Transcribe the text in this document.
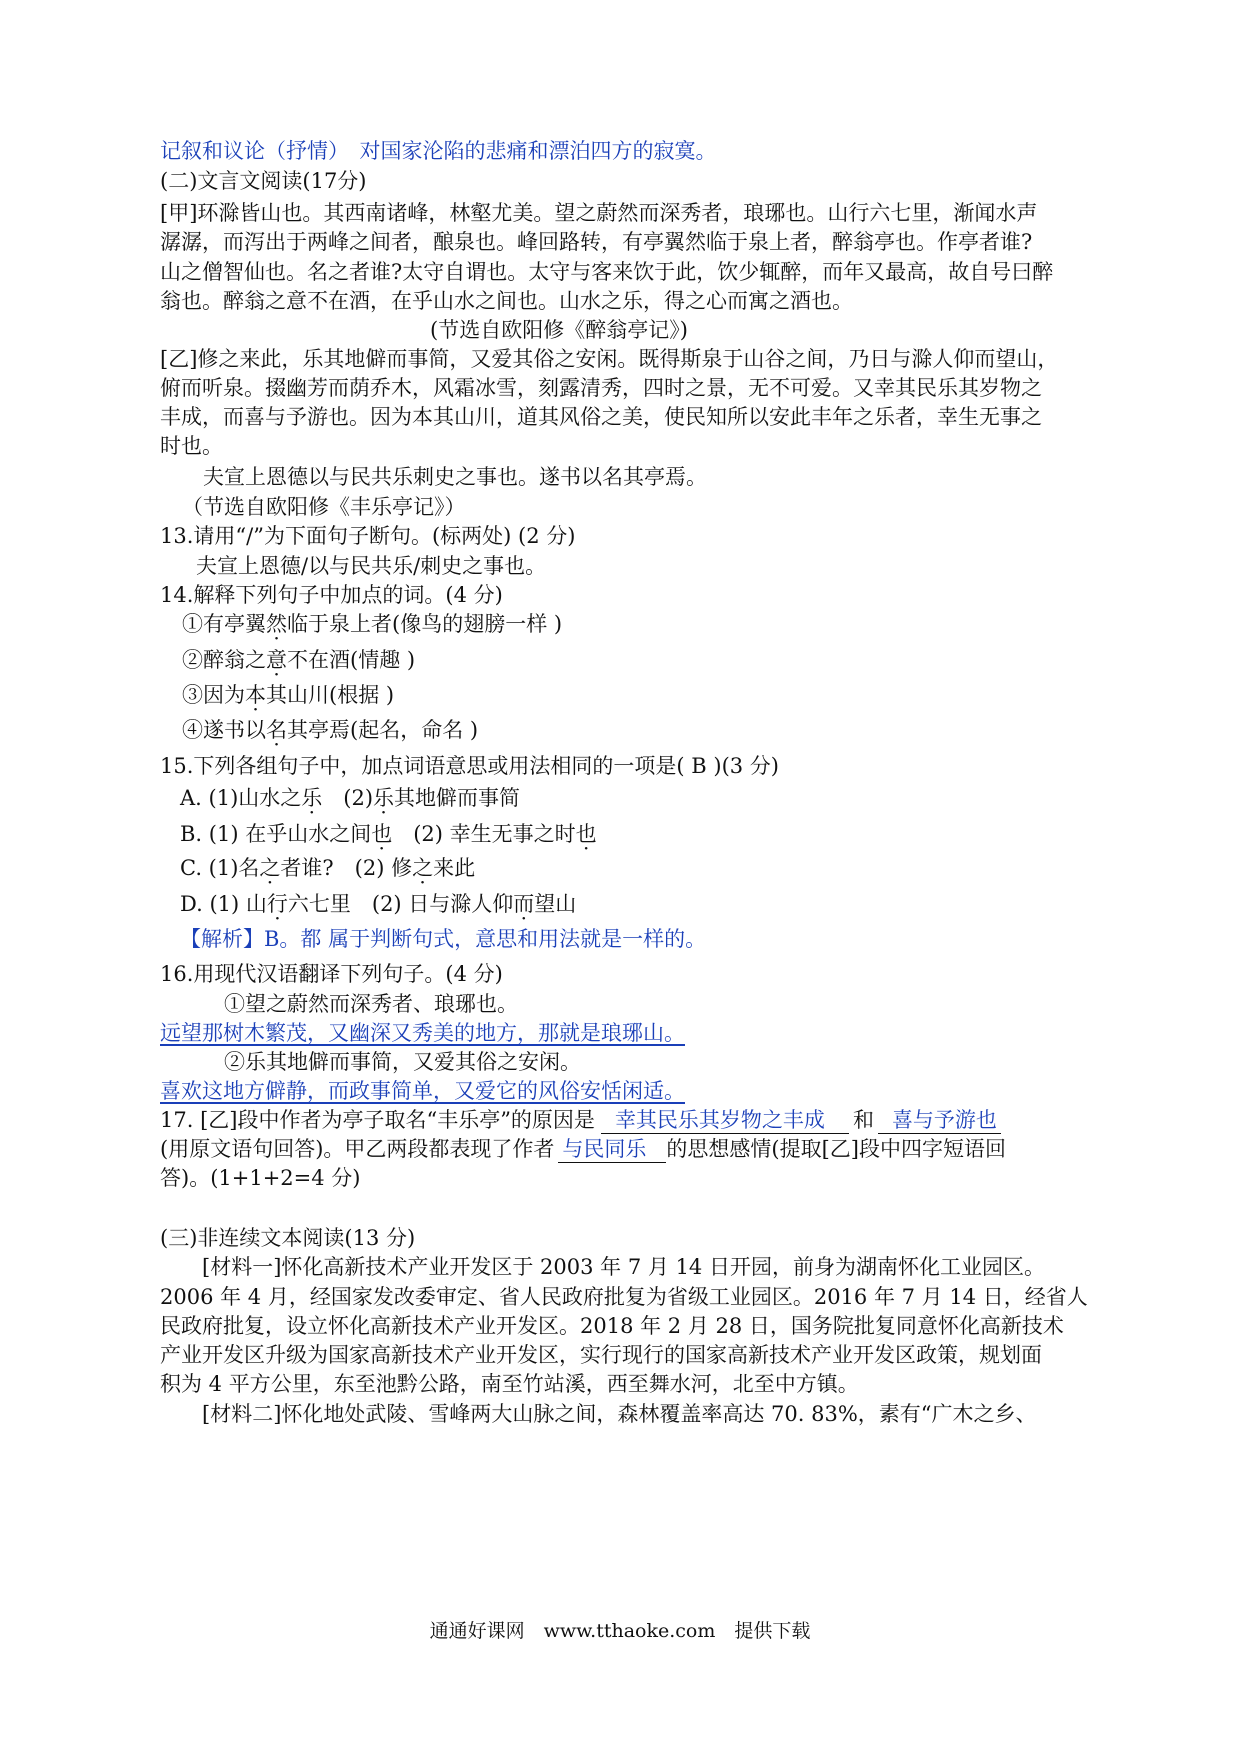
记叙和议论（抒情）　对国家沦陷的悲痛和漂泊四方的寂寞。
(二)文言文阅读(17分)
[甲]环滁皆山也。其西南诸峰，林壑尤美。望之蔚然而深秀者，琅琊也。山行六七里，渐闻水声
潺潺，而泻出于两峰之间者，酿泉也。峰回路转，有亭翼然临于泉上者，醉翁亭也。作亭者谁?
山之僧智仙也。名之者谁?太守自谓也。太守与客来饮于此，饮少辄醉，而年又最高，故自号曰醉
翁也。醉翁之意不在酒，在乎山水之间也。山水之乐，得之心而寓之酒也。
(节选自欧阳修《醉翁亭记》)
[乙]修之来此，乐其地僻而事简，又爱其俗之安闲。既得斯泉于山谷之间，乃日与滁人仰而望山，
俯而听泉。掇幽芳而荫乔木，风霜冰雪，刻露清秀，四时之景，无不可爱。又幸其民乐其岁物之
丰成，而喜与予游也。因为本其山川，道其风俗之美，使民知所以安此丰年之乐者，幸生无事之
时也。
夫宣上恩德以与民共乐刺史之事也。遂书以名其亭焉。
（节选自欧阳修《丰乐亭记》）
13.请用“/”为下面句子断句。(标两处) (2 分)
夫宣上恩德/以与民共乐/刺史之事也。
14.解释下列句子中加点的词。(4 分)
①有亭翼然临于泉上者(像鸟的翅膀一样 )
②醉翁之意不在酒(情趣 )
③因为本其山川(根据 )
④遂书以名其亭焉(起名，命名 )
15.下列各组句子中，加点词语意思或用法相同的一项是( B )(3 分)
A. (1)山水之乐　(2)乐其地僻而事简
B. (1) 在乎山水之间也　(2) 幸生无事之时也
C. (1)名之者谁?　(2) 修之来此
D. (1) 山行六七里　(2) 日与滁人仰而望山
【解析】B。都 属于判断句式，意思和用法就是一样的。
16.用现代汉语翻译下列句子。(4 分)
①望之蔚然而深秀者、琅琊也。
远望那树木繁茂，又幽深又秀美的地方，那就是琅琊山。
②乐其地僻而事简，又爱其俗之安闲。
喜欢这地方僻静，而政事简单，又爱它的风俗安恬闲适。
17. [乙]段中作者为亭子取名“丰乐亭”的原因是 幸其民乐其岁物之丰成 和 喜与予游也
(用原文语句回答)。甲乙两段都表现了作者 与民同乐 的思想感情(提取[乙]段中四字短语回
答)。(1+1+2=4 分)
(三)非连续文本阅读(13 分)
　　[材料一]怀化高新技术产业开发区于 2003 年 7 月 14 日开园，前身为湖南怀化工业园区。
2006 年 4 月，经国家发改委审定、省人民政府批复为省级工业园区。2016 年 7 月 14 日，经省人
民政府批复，设立怀化高新技术产业开发区。2018 年 2 月 28 日，国务院批复同意怀化高新技术
产业开发区升级为国家高新技术产业开发区，实行现行的国家高新技术产业开发区政策，规划面
积为 4 平方公里，东至池黔公路，南至竹站溪，西至舞水河，北至中方镇。
　　[材料二]怀化地处武陵、雪峰两大山脉之间，森林覆盖率高达 70. 83%，素有“广木之乡、
通通好课网　www.tthaoke.com　提供下载
